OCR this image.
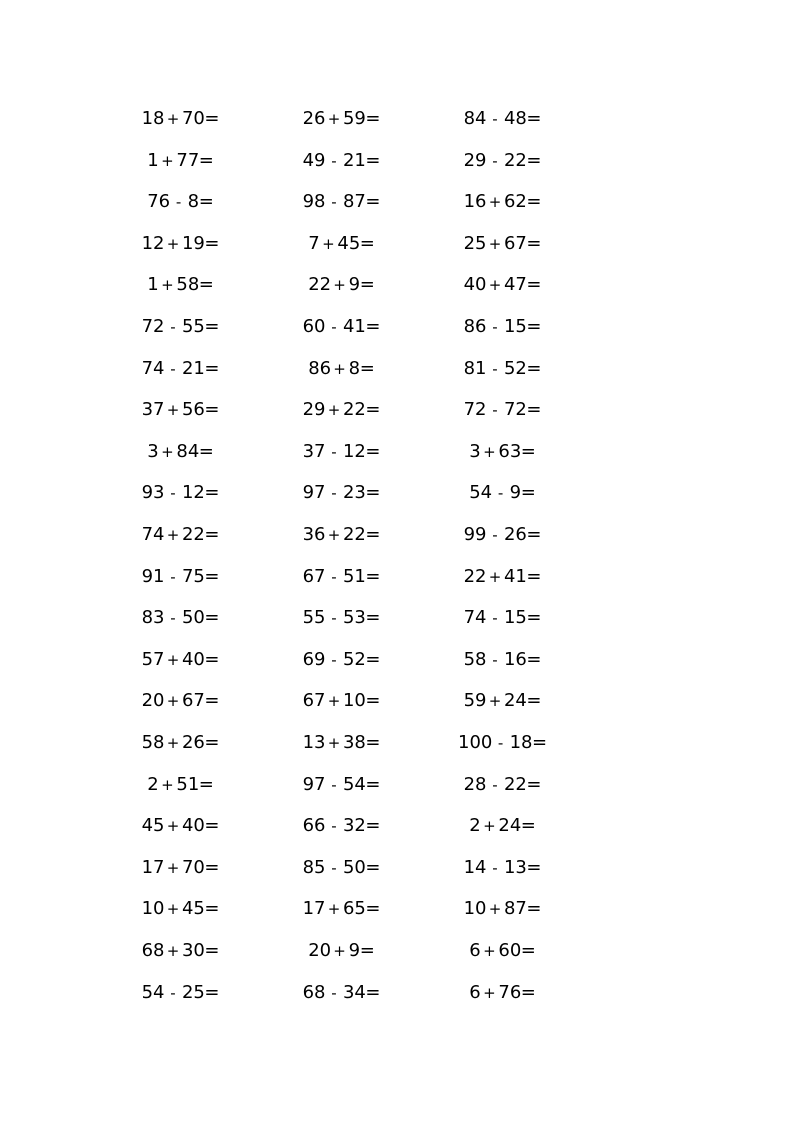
18 + 70 =
1 + 77 =
76 - 8 =
12 + 19 =
1 + 58 =
72 - 55 =
74 - 21 =
37 + 56 =
3 + 84 =
93 - 12 =
74 + 22 =
91 - 75 =
83 - 50 =
57 + 40 =
20 + 67 =
58 + 26 =
2 + 51 =
45 + 40 =
17 + 70 =
10 + 45 =
68 + 30 =
54 - 25 =
26 + 59 =
49 - 21 =
98 - 87 =
7 + 45 =
22 + 9 =
60 - 41 =
86 + 8 =
29 + 22 =
37 - 12 =
97 - 23 =
36 + 22 =
67 - 51 =
55 - 53 =
69 - 52 =
67 + 10 =
13 + 38 =
97 - 54 =
66 - 32 =
85 - 50 =
17 + 65 =
20 + 9 =
68 - 34 =
84 - 48 =
29 - 22 =
16 + 62 =
25 + 67 =
40 + 47 =
86 - 15 =
81 - 52 =
72 - 72 =
3 + 63 =
54 - 9 =
99 - 26 =
22 + 41 =
74 - 15 =
58 - 16 =
59 + 24 =
100 - 18 =
28 - 22 =
2 + 24 =
14 - 13 =
10 + 87 =
6 + 60 =
6 + 76 =
